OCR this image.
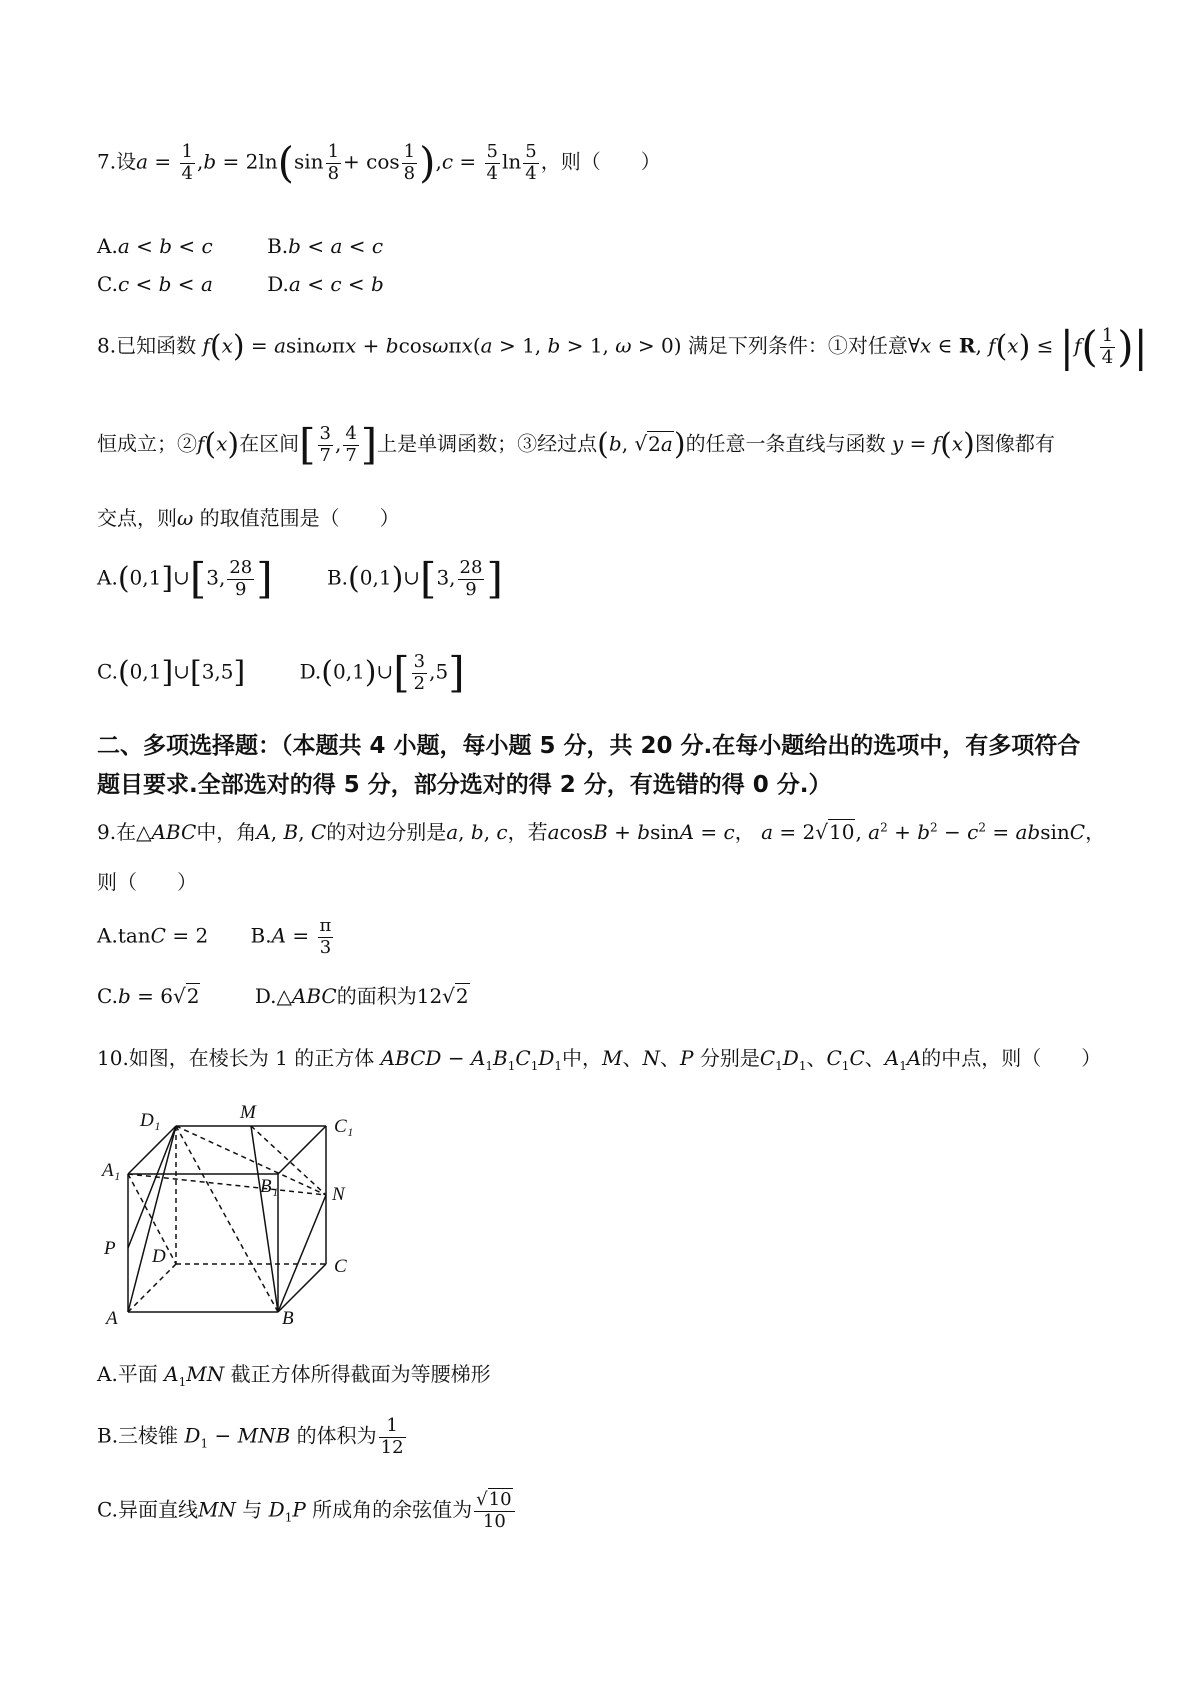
7.设$a = \frac{1}{4} ,b = 2\ln(\sin \frac{1}{8} + \cos \frac{1}{8} ),c = \frac{5}{4}$ $\ln \frac{5}{4}$ ，则（　　）
A.a < b < c	B.b < a < c
C.c < b < a	D.a < c < b
8.已知函数 f(x) = asinωπx + bcosωπx(a > 1, b > 1, ω > 0) 满足下列条件：①对任意∀x ∈ R, $f(x) \le |f( \frac{1}{4}$ )|
恒成立；②f(x)在区间[ $\frac{3}{7}$ , $\frac{4}{7}$ ]上是单调函数；③经过点(b, √2a)的任意一条直线与函数 y = f(x)图像都有
交点，则ω 的取值范围是（　　）
A.(0,1]∪[3, $\frac{28}{9}$ ]	B.(0,1)∪[3, $\frac{28}{9}$ ]
C.(0,1]∪[3,5]	D.(0,1)∪[ $\frac{3}{2} ,5$]
二、多项选择题：（本题共 4 小题，每小题 5 分，共 20 分.在每小题给出的选项中，有多项符合
题目要求.全部选对的得 5 分，部分选对的得 2 分，有选错的得 0 分.）
9.在△ABC中，角A, B, C的对边分别是a, b, c，若acosB + bsinA = c， a = 2√10, $a^2 + b^2 - c^2 = absinC$，
则（　　）
A.tanC = 2 $B.A = \frac{\pi}{3}$
C.b = 6√2	D.△ABC的面积为12√2
10.如图，在棱长为 1 的正方体 ABCD − $A_1B_1C_1D_1$中，M、N、P 分别是$C_1D_1$、$C_1C$、$A_1A$的中点，则（　　）
D₁	M
C₁
A₁
B₁	N
P D	C
A	B
A.平面 $A_1MN$ 截正方体所得截面为等腰梯形
B.三棱锥 $D_1$ − MNB 的体积为 $\frac{1}{12}$
C.异面直线MN 与 $D_1P$ 所成角的余弦值为 $\frac{√10}{10}$
